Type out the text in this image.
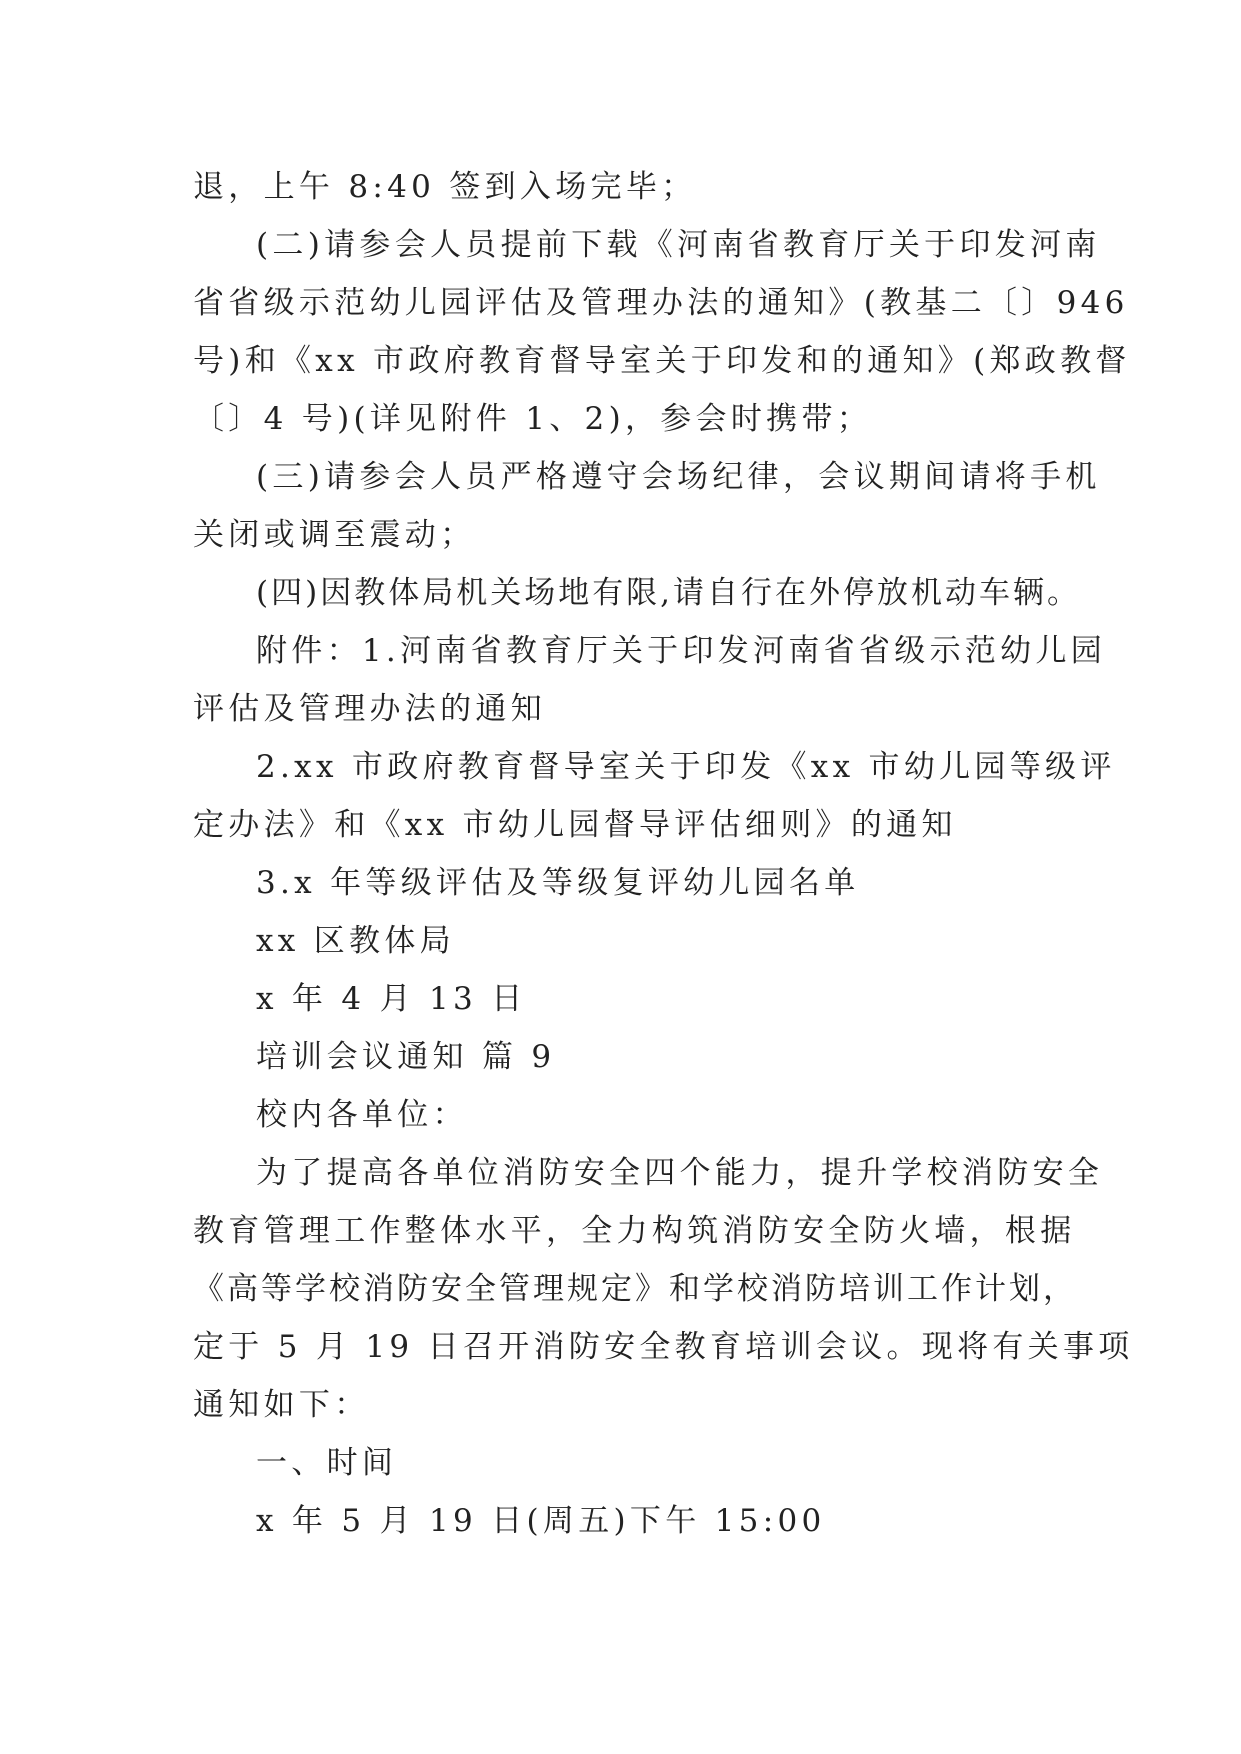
退，上午 8:40 签到入场完毕；
(二)请参会人员提前下载《河南省教育厅关于印发河南
省省级示范幼儿园评估及管理办法的通知》(教基二〔〕946
号)和《xx 市政府教育督导室关于印发和的通知》(郑政教督
〔〕4 号)(详见附件 1、2)，参会时携带；
(三)请参会人员严格遵守会场纪律，会议期间请将手机
关闭或调至震动；
(四)因教体局机关场地有限,请自行在外停放机动车辆。
附件：1.河南省教育厅关于印发河南省省级示范幼儿园
评估及管理办法的通知
2.xx 市政府教育督导室关于印发《xx 市幼儿园等级评
定办法》和《xx 市幼儿园督导评估细则》的通知
3.x 年等级评估及等级复评幼儿园名单
xx 区教体局
x 年 4 月 13 日
培训会议通知 篇 9
校内各单位：
为了提高各单位消防安全四个能力，提升学校消防安全
教育管理工作整体水平，全力构筑消防安全防火墙，根据
《高等学校消防安全管理规定》和学校消防培训工作计划，
定于 5 月 19 日召开消防安全教育培训会议。现将有关事项
通知如下：
一、时间
x 年 5 月 19 日(周五)下午 15:00
